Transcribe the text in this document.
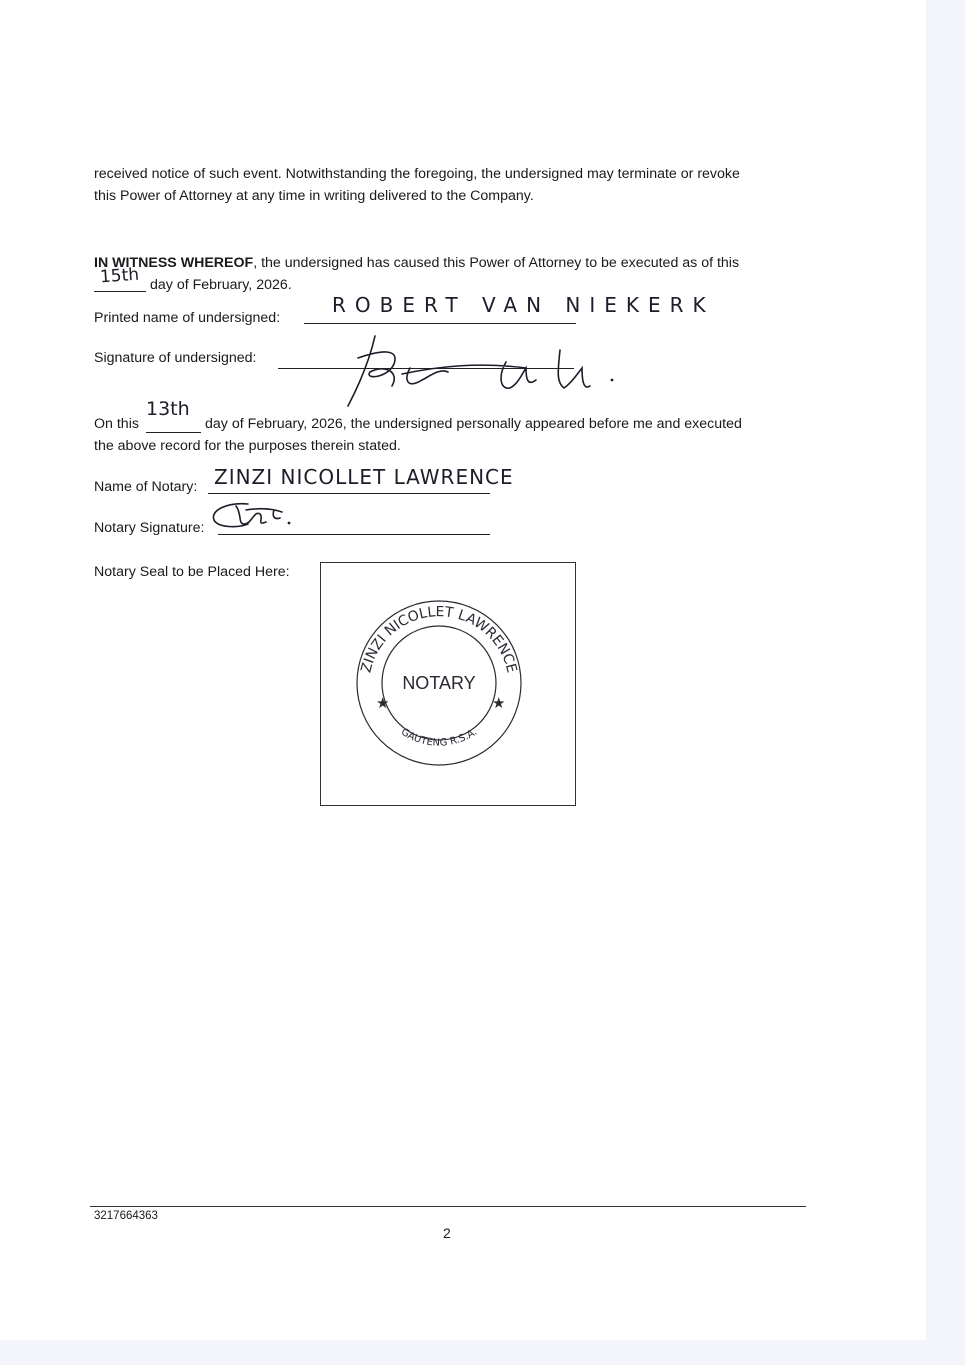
received notice of such event. Notwithstanding the foregoing, the undersigned may terminate or revoke
this Power of Attorney at any time in writing delivered to the Company.
IN WITNESS WHEREOF, the undersigned has caused this Power of Attorney to be executed as of this
15th day of February, 2026.
Printed name of undersigned:
ROBERT VAN NIEKERK
Signature of undersigned:
13th
On this	day of February, 2026, the undersigned personally appeared before me and executed
the above record for the purposes therein stated.
Name of Notary: ZINZI NICOLLET LAWRENCE
Notary Signature:
Notary Seal to be Placed Here:
NOTARY
★	★
ZINZI NICOLLET LAWRENCE
GAUTENG R.S.A.
3217664363
2
